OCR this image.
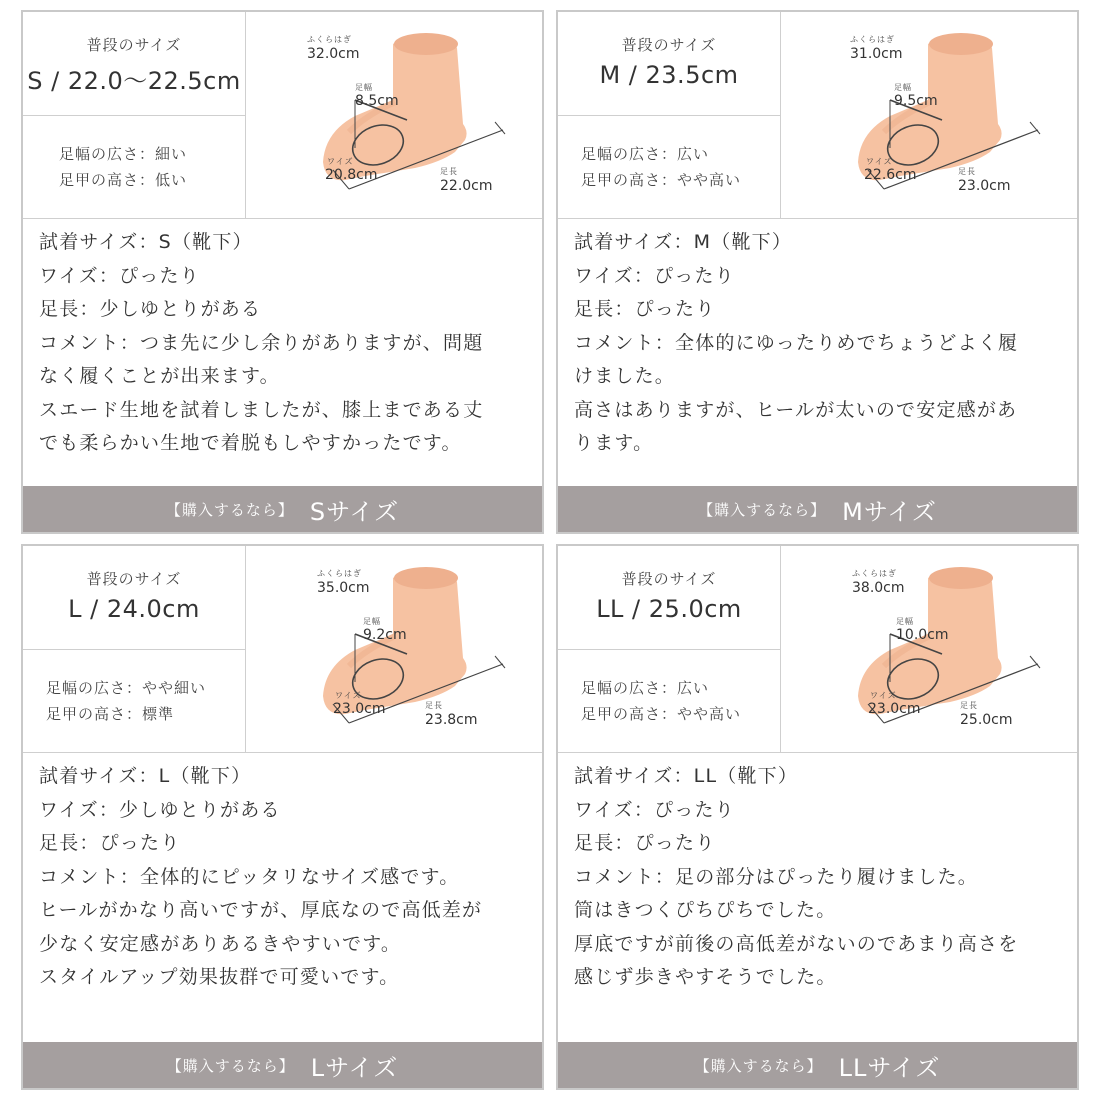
普段のサイズ
S / 22.0〜22.5cm
足幅の広さ：細い
足甲の高さ：低い
ふくらはぎ
32.0cm
足幅
8.5cm
ワイズ
20.8cm	足長
22.0cm
試着サイズ：S（靴下）
ワイズ：ぴったり
足長：少しゆとりがある
コメント：つま先に少し余りがありますが、問題
なく履くことが出来ます。
スエード生地を試着しましたが、膝上まである丈
でも柔らかい生地で着脱もしやすかったです。
【購入するなら】 Sサイズ
普段のサイズ
M / 23.5cm
足幅の広さ：広い
足甲の高さ：やや高い
ふくらはぎ
31.0cm
足幅
9.5cm
ワイズ
22.6cm	足長
23.0cm
試着サイズ：M（靴下）
ワイズ：ぴったり
足長：ぴったり
コメント：全体的にゆったりめでちょうどよく履
けました。
高さはありますが、ヒールが太いので安定感があ
ります。
【購入するなら】 Mサイズ
普段のサイズ
L / 24.0cm
足幅の広さ：やや細い
足甲の高さ：標準
ふくらはぎ
35.0cm
足幅
9.2cm
ワイズ
23.0cm	足長
23.8cm
試着サイズ：L（靴下）
ワイズ：少しゆとりがある
足長：ぴったり
コメント：全体的にピッタリなサイズ感です。
ヒールがかなり高いですが、厚底なので高低差が
少なく安定感がありあるきやすいです。
スタイルアップ効果抜群で可愛いです。
【購入するなら】 Lサイズ
普段のサイズ
LL / 25.0cm
足幅の広さ：広い
足甲の高さ：やや高い
ふくらはぎ
38.0cm
足幅
10.0cm
ワイズ
23.0cm	足長
25.0cm
試着サイズ：LL（靴下）
ワイズ：ぴったり
足長：ぴったり
コメント：足の部分はぴったり履けました。
筒はきつくぴちぴちでした。
厚底ですが前後の高低差がないのであまり高さを
感じず歩きやすそうでした。
【購入するなら】 LLサイズ
